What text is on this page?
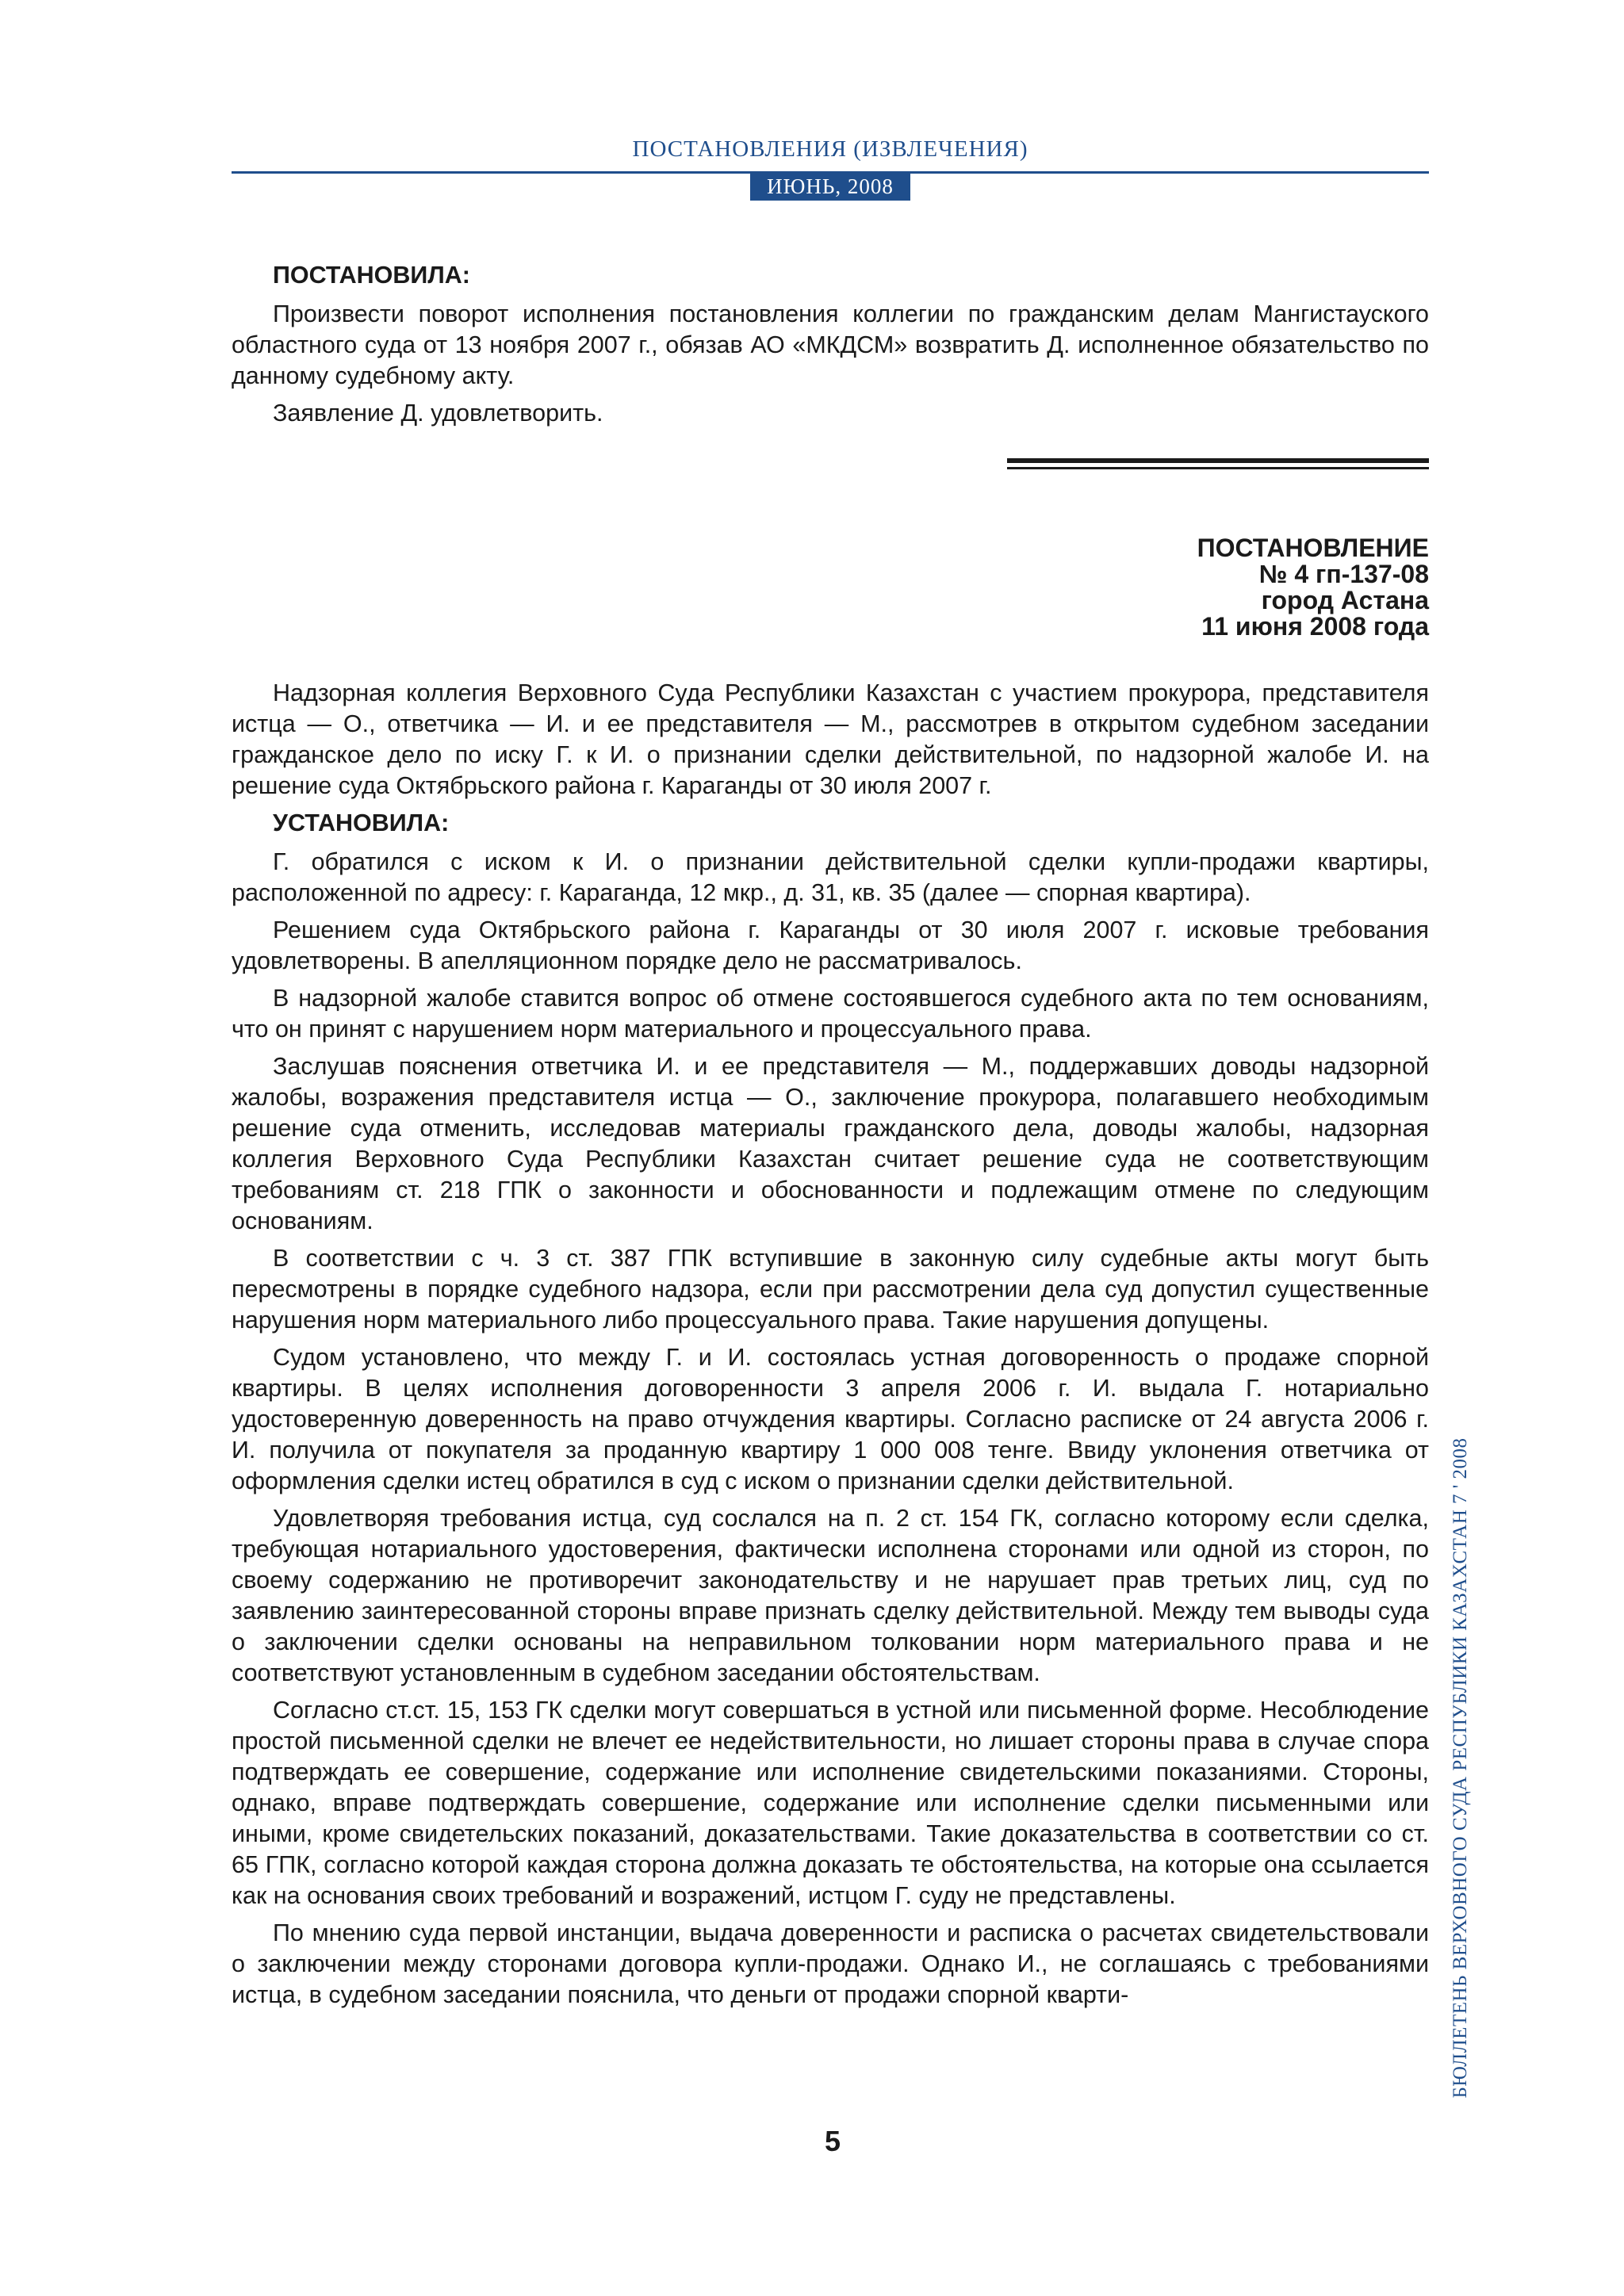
ПОСТАНОВЛЕНИЯ (ИЗВЛЕЧЕНИЯ)
ИЮНЬ, 2008
ПОСТАНОВИЛА:

Произвести поворот исполнения постановления коллегии по гражданским делам Мангистауского областного суда от 13 ноября 2007 г., обязав АО «МКДСМ» возвратить Д. исполненное обязательство по данному судебному акту.

Заявление Д. удовлетворить.

ПОСТАНОВЛЕНИЕ
№ 4 гп-137-08
город Астана
11 июня 2008 года

Надзорная коллегия Верховного Суда Республики Казахстан с участием прокурора, представителя истца — О., ответчика — И. и ее представителя — М., рассмотрев в открытом судебном заседании гражданское дело по иску Г. к И. о признании сделки действительной, по надзорной жалобе И. на решение суда Октябрьского района г. Караганды от 30 июля 2007 г.

УСТАНОВИЛА:

Г. обратился с иском к И. о признании действительной сделки купли-продажи квартиры, расположенной по адресу: г. Караганда, 12 мкр., д. 31, кв. 35 (далее — спорная квартира).

Решением суда Октябрьского района г. Караганды от 30 июля 2007 г. исковые требования удовлетворены. В апелляционном порядке дело не рассматривалось.

В надзорной жалобе ставится вопрос об отмене состоявшегося судебного акта по тем основаниям, что он принят с нарушением норм материального и процессуального права.

Заслушав пояснения ответчика И. и ее представителя — М., поддержавших доводы надзорной жалобы, возражения представителя истца — О., заключение прокурора, полагавшего необходимым решение суда отменить, исследовав материалы гражданского дела, доводы жалобы, надзорная коллегия Верховного Суда Республики Казахстан считает решение суда не соответствующим требованиям ст. 218 ГПК о законности и обоснованности и подлежащим отмене по следующим основаниям.

В соответствии с ч. 3 ст. 387 ГПК вступившие в законную силу судебные акты могут быть пересмотрены в порядке судебного надзора, если при рассмотрении дела суд допустил существенные нарушения норм материального либо процессуального права. Такие нарушения допущены.

Судом установлено, что между Г. и И. состоялась устная договоренность о продаже спорной квартиры. В целях исполнения договоренности 3 апреля 2006 г. И. выдала Г. нотариально удостоверенную доверенность на право отчуждения квартиры. Согласно расписке от 24 августа 2006 г. И. получила от покупателя за проданную квартиру 1 000 008 тенге. Ввиду уклонения ответчика от оформления сделки истец обратился в суд с иском о признании сделки действительной.

Удовлетворяя требования истца, суд сослался на п. 2 ст. 154 ГК, согласно которому если сделка, требующая нотариального удостоверения, фактически исполнена сторонами или одной из сторон, по своему содержанию не противоречит законодательству и не нарушает прав третьих лиц, суд по заявлению заинтересованной стороны вправе признать сделку действительной. Между тем выводы суда о заключении сделки основаны на неправильном толковании норм материального права и не соответствуют установленным в судебном заседании обстоятельствам.

Согласно ст.ст. 15, 153 ГК сделки могут совершаться в устной или письменной форме. Несоблюдение простой письменной сделки не влечет ее недействительности, но лишает стороны права в случае спора подтверждать ее совершение, содержание или исполнение свидетельскими показаниями. Стороны, однако, вправе подтверждать совершение, содержание или исполнение сделки письменными или иными, кроме свидетельских показаний, доказательствами. Такие доказательства в соответствии со ст. 65 ГПК, согласно которой каждая сторона должна доказать те обстоятельства, на которые она ссылается как на основания своих требований и возражений, истцом Г. суду не представлены.

По мнению суда первой инстанции, выдача доверенности и расписка о расчетах свидетельствовали о заключении между сторонами договора купли-продажи. Однако И., не соглашаясь с требованиями истца, в судебном заседании пояснила, что деньги от продажи спорной кварти-

5
БЮЛЛЕТЕНЬ ВЕРХОВНОГО СУДА РЕСПУБЛИКИ КАЗАХСТАН 7 ' 2008
